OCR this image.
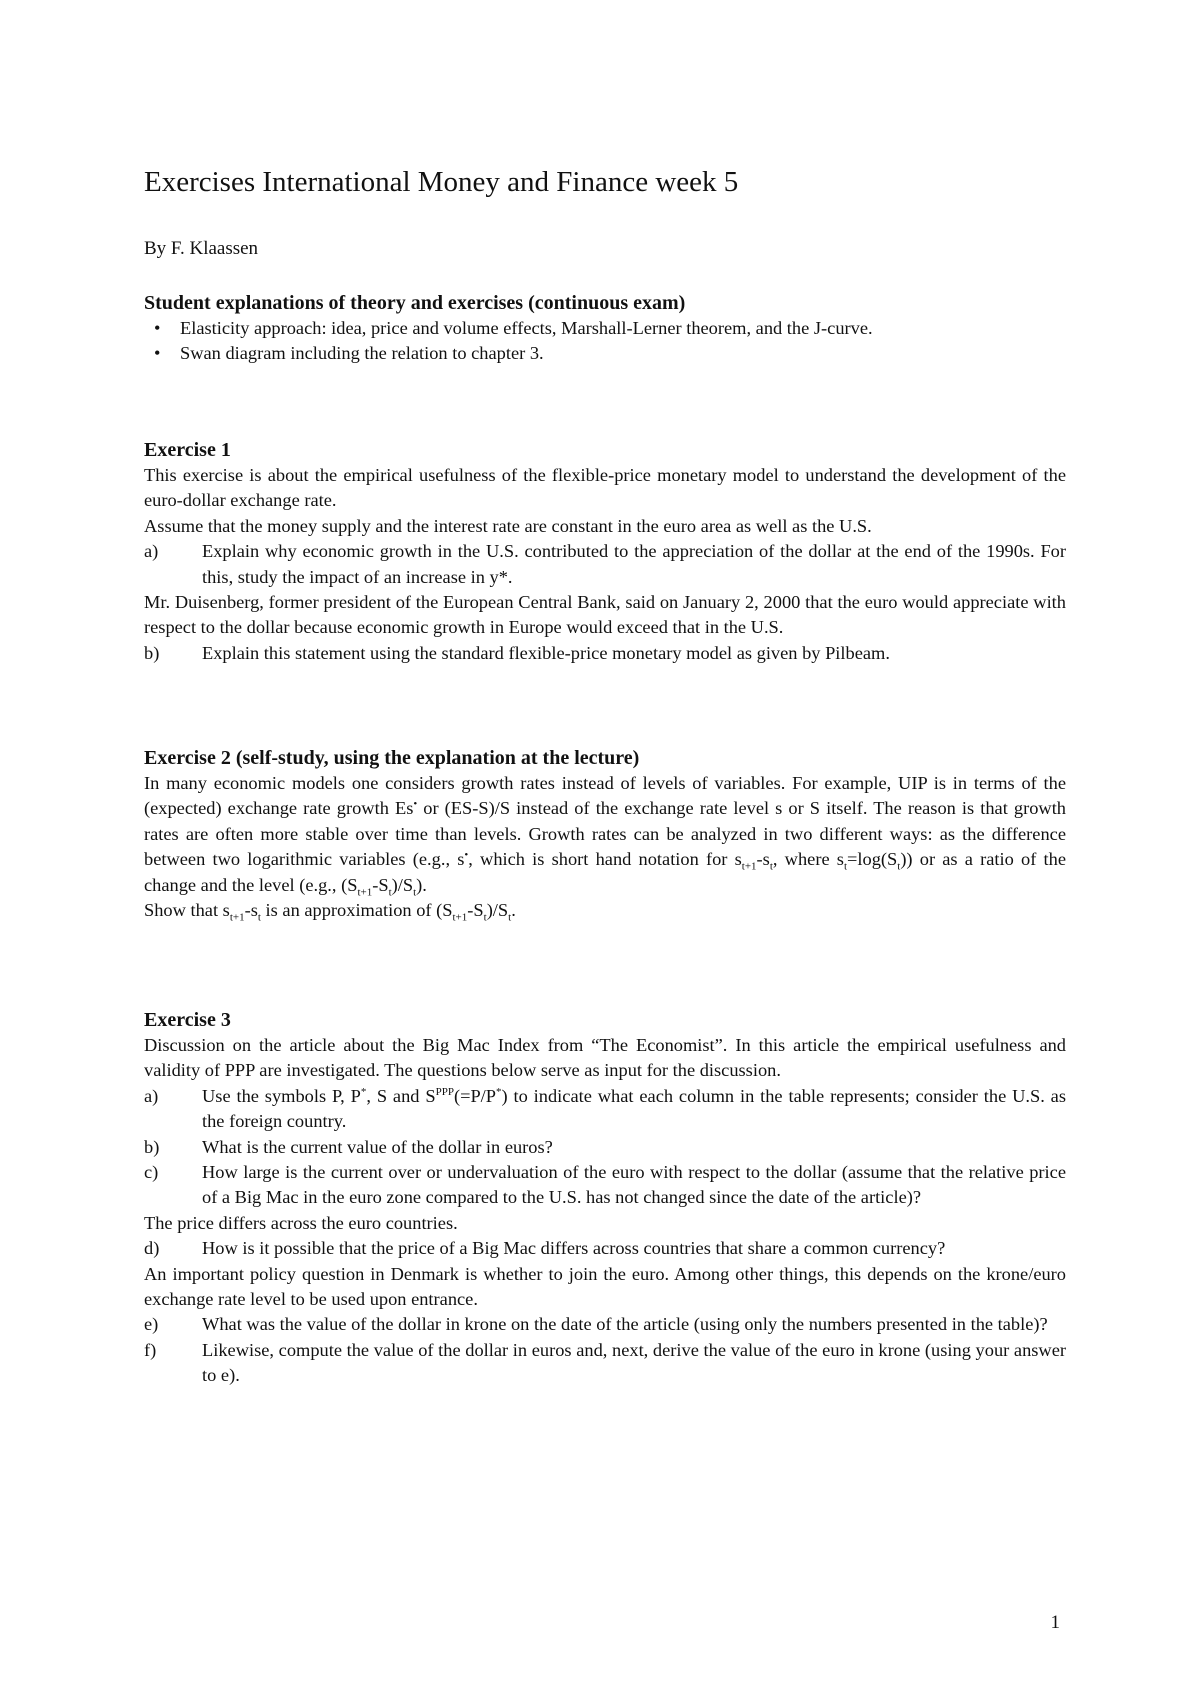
Exercises International Money and Finance week 5

By F. Klaassen

Student explanations of theory and exercises (continuous exam)

• Elasticity approach: idea, price and volume effects, Marshall-Lerner theorem, and the J-curve.
• Swan diagram including the relation to chapter 3.

Exercise 1

This exercise is about the empirical usefulness of the flexible-price monetary model to understand the development of the euro-dollar exchange rate.

Assume that the money supply and the interest rate are constant in the euro area as well as the U.S.

a) Explain why economic growth in the U.S. contributed to the appreciation of the dollar at the end of the 1990s. For this, study the impact of an increase in y*.

Mr. Duisenberg, former president of the European Central Bank, said on January 2, 2000 that the euro would appreciate with respect to the dollar because economic growth in Europe would exceed that in the U.S.

b) Explain this statement using the standard flexible-price monetary model as given by Pilbeam.

Exercise 2 (self-study, using the explanation at the lecture)

In many economic models one considers growth rates instead of levels of variables. For example, UIP is in terms of the (expected) exchange rate growth Es• or (ES-S)/S instead of the exchange rate level s or S itself. The reason is that growth rates are often more stable over time than levels. Growth rates can be analyzed in two different ways: as the difference between two logarithmic variables (e.g., s•, which is short hand notation for $s_{t+1}-s_t$, where $s_t=\log(S_t)$) or as a ratio of the change and the level (e.g., $(S_{t+1}-S_t)/S_t$).

Show that $s_{t+1}-s_t$ is an approximation of $(S_{t+1}-S_t)/S_t$.

Exercise 3

Discussion on the article about the Big Mac Index from “The Economist”. In this article the empirical usefulness and validity of PPP are investigated. The questions below serve as input for the discussion.

a) Use the symbols P, P*, S and $S^{PPP}(=P/P^*)$ to indicate what each column in the table represents; consider the U.S. as the foreign country.
b) What is the current value of the dollar in euros?
c) How large is the current over or undervaluation of the euro with respect to the dollar (assume that the relative price of a Big Mac in the euro zone compared to the U.S. has not changed since the date of the article)?

The price differs across the euro countries.

d) How is it possible that the price of a Big Mac differs across countries that share a common currency?

An important policy question in Denmark is whether to join the euro. Among other things, this depends on the krone/euro exchange rate level to be used upon entrance.

e) What was the value of the dollar in krone on the date of the article (using only the numbers presented in the table)?
f) Likewise, compute the value of the dollar in euros and, next, derive the value of the euro in krone (using your answer to e).
1
